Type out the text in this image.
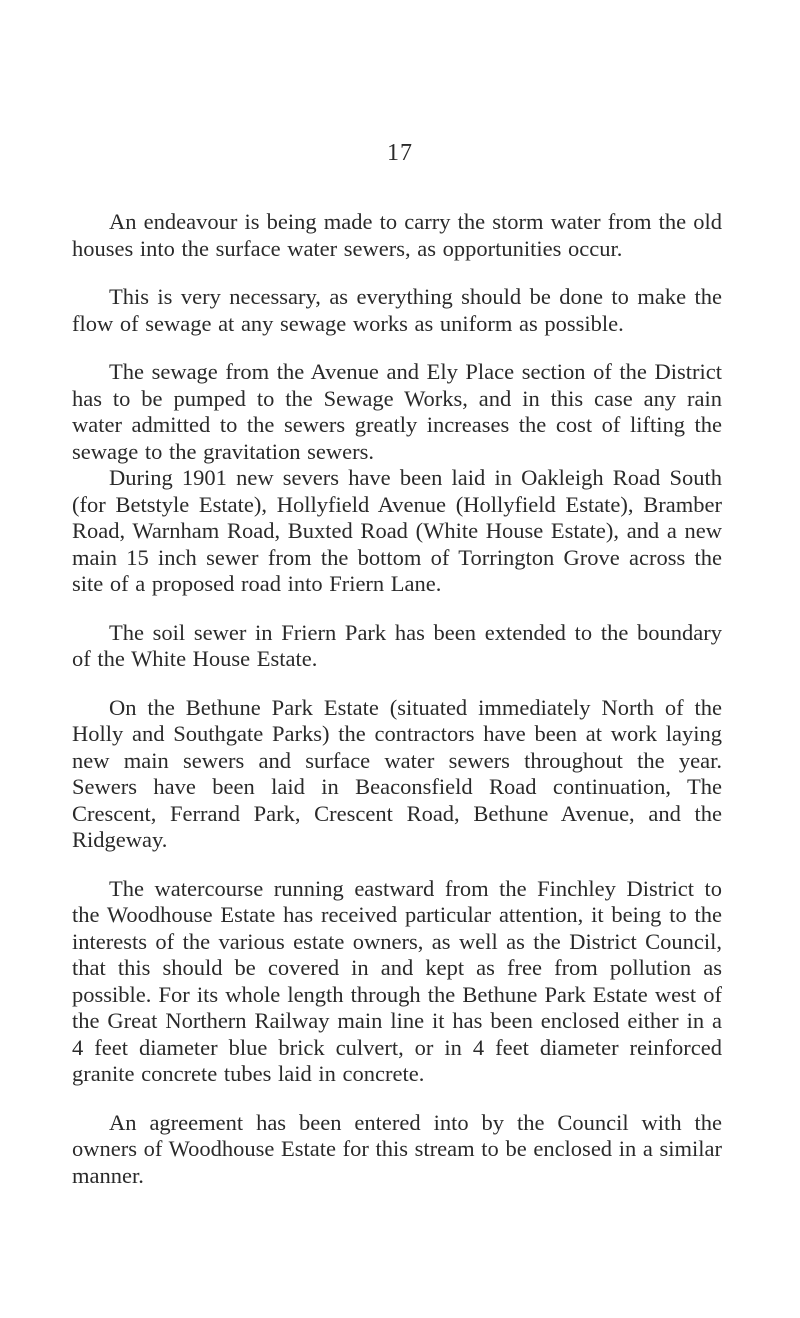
17

An endeavour is being made to carry the storm water from the old houses into the surface water sewers, as opportunities occur.

This is very necessary, as everything should be done to make the flow of sewage at any sewage works as uniform as possible.

The sewage from the Avenue and Ely Place section of the District has to be pumped to the Sewage Works, and in this case any rain water admitted to the sewers greatly increases the cost of lifting the sewage to the gravitation sewers.

During 1901 new severs have been laid in Oakleigh Road South (for Betstyle Estate), Hollyfield Avenue (Hollyfield Estate), Bramber Road, Warnham Road, Buxted Road (White House Estate), and a new main 15 inch sewer from the bottom of Torrington Grove across the site of a proposed road into Friern Lane.

The soil sewer in Friern Park has been extended to the boundary of the White House Estate.

On the Bethune Park Estate (situated immediately North of the Holly and Southgate Parks) the contractors have been at work laying new main sewers and surface water sewers throughout the year. Sewers have been laid in Beaconsfield Road continuation, The Crescent, Ferrand Park, Crescent Road, Bethune Avenue, and the Ridgeway.

The watercourse running eastward from the Finchley District to the Woodhouse Estate has received particular attention, it being to the interests of the various estate owners, as well as the District Council, that this should be covered in and kept as free from pollution as possible. For its whole length through the Bethune Park Estate west of the Great Northern Railway main line it has been enclosed either in a 4 feet diameter blue brick culvert, or in 4 feet diameter reinforced granite concrete tubes laid in concrete.

An agreement has been entered into by the Council with the owners of Woodhouse Estate for this stream to be enclosed in a similar manner.
